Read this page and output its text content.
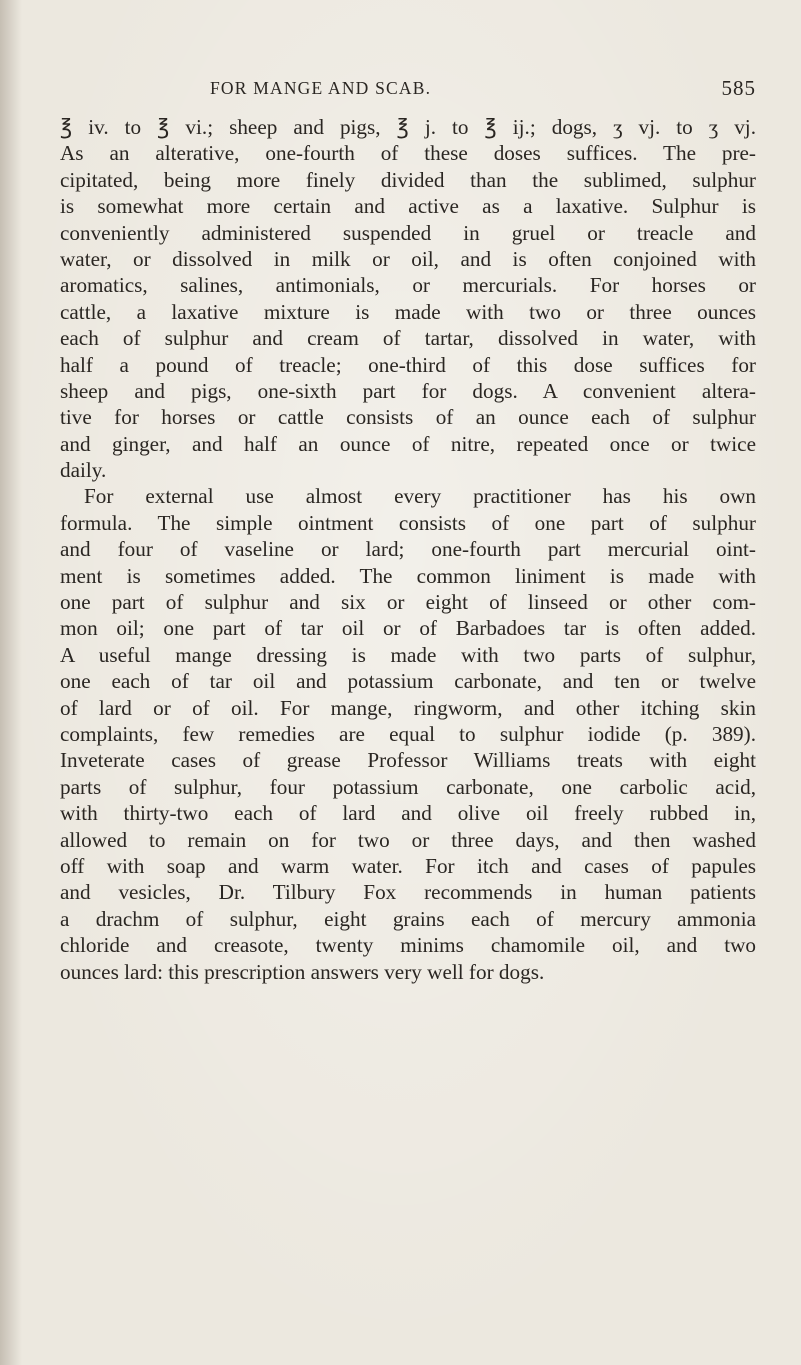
FOR MANGE AND SCAB.	585
℥ iv. to ℥ vi.; sheep and pigs, ℥ j. to ℥ ij.; dogs, ʒ vj. to ʒ vj.
As an alterative, one-fourth of these doses suffices. The pre-
cipitated, being more finely divided than the sublimed, sulphur
is somewhat more certain and active as a laxative. Sulphur is
conveniently administered suspended in gruel or treacle and
water, or dissolved in milk or oil, and is often conjoined with
aromatics, salines, antimonials, or mercurials. For horses or
cattle, a laxative mixture is made with two or three ounces
each of sulphur and cream of tartar, dissolved in water, with
half a pound of treacle; one-third of this dose suffices for
sheep and pigs, one-sixth part for dogs. A convenient altera-
tive for horses or cattle consists of an ounce each of sulphur
and ginger, and half an ounce of nitre, repeated once or twice
daily.
For external use almost every practitioner has his own
formula. The simple ointment consists of one part of sulphur
and four of vaseline or lard; one-fourth part mercurial oint-
ment is sometimes added. The common liniment is made with
one part of sulphur and six or eight of linseed or other com-
mon oil; one part of tar oil or of Barbadoes tar is often added.
A useful mange dressing is made with two parts of sulphur,
one each of tar oil and potassium carbonate, and ten or twelve
of lard or of oil. For mange, ringworm, and other itching skin
complaints, few remedies are equal to sulphur iodide (p. 389).
Inveterate cases of grease Professor Williams treats with eight
parts of sulphur, four potassium carbonate, one carbolic acid,
with thirty-two each of lard and olive oil freely rubbed in,
allowed to remain on for two or three days, and then washed
off with soap and warm water. For itch and cases of papules
and vesicles, Dr. Tilbury Fox recommends in human patients
a drachm of sulphur, eight grains each of mercury ammonia
chloride and creasote, twenty minims chamomile oil, and two
ounces lard: this prescription answers very well for dogs.
